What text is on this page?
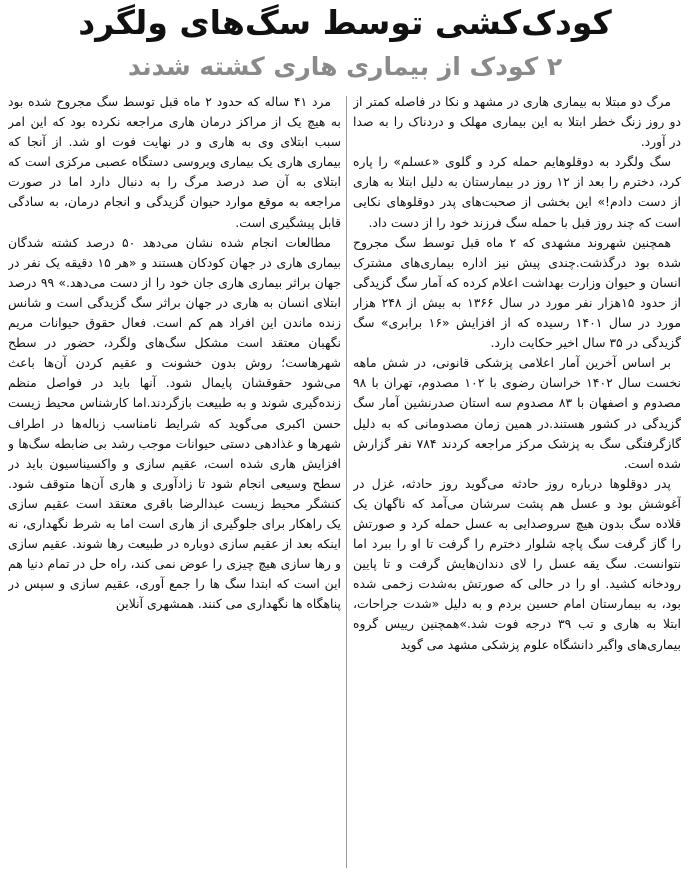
کودک‌کشی توسط سگ‌های ولگرد
۲ کودک از بیماری هاری کشته شدند

مرگ دو مبتلا به بیماری هاری در مشهد و نکا در فاصله کمتر از دو روز زنگ خطر ابتلا به این بیماری مهلک و دردناک را به صدا در آورد.

سگ ولگرد به دوقلوهایم حمله کرد و گلوی «عسلم» را پاره کرد، دخترم را بعد از ۱۲ روز در بیمارستان به دلیل ابتلا به هاری از دست دادم!» این بخشی از صحبت‌های پدر دوقلوهای نکایی است که چند روز قبل با حمله سگ فرزند خود را از دست داد.

همچنین شهروند مشهدی که ۲ ماه قبل توسط سگ مجروح شده بود درگذشت.چندی پیش نیز اداره بیماری‌های مشترک انسان و حیوان وزارت بهداشت اعلام کرده که آمار سگ گزیدگی از حدود ۱۵هزار نفر مورد در سال ۱۳۶۶ به بیش از ۲۴۸ هزار مورد در سال ۱۴۰۱ رسیده که از افزایش «۱۶ برابری» سگ گزیدگی در ۳۵ سال اخیر حکایت دارد.

بر اساس آخرین آمار اعلامی پزشکی قانونی، در شش ماهه نخست سال ۱۴۰۲ خراسان رضوی با ۱۰۲ مصدوم، تهران با ۹۸ مصدوم و اصفهان با ۸۳ مصدوم سه استان صدرنشین آمار سگ گزیدگی در کشور هستند.در همین زمان مصدومانی که به دلیل گازگرفتگی سگ به پزشک مرکز مراجعه کردند ۷۸۴ نفر گزارش شده است.

پدر دوقلوها درباره روز حادثه می‌گوید روز حادثه، غزل در آغوشش بود و عسل هم پشت سرشان می‌آمد که ناگهان یک قلاده سگ بدون هیچ سروصدایی به عسل حمله کرد و صورتش را گاز گرفت سگ پاچه شلوار دخترم را گرفت تا او را ببرد اما نتوانست. سگ یقه عسل را لای دندان‌هایش گرفت و تا پایین رودخانه کشید. او را در حالی که صورتش به‌شدت زخمی شده بود، به بیمارستان امام حسین بردم و به دلیل «شدت جراحات، ابتلا به هاری و تب ۳۹ درجه فوت شد.»همچنین رییس گروه بیماری‌های واگیر دانشگاه علوم پزشکی مشهد می گوید

مرد ۴۱ ساله که حدود ۲ ماه قبل توسط سگ مجروح شده بود به هیچ یک از مراکز درمان هاری مراجعه نکرده بود که این امر سبب ابتلای وی به هاری و در نهایت فوت او شد. از آنجا که بیماری هاری یک بیماری ویروسی دستگاه عصبی مرکزی است که ابتلای به آن صد درصد مرگ را به دنبال دارد اما در صورت مراجعه به موقع موارد حیوان گزیدگی و انجام درمان، به سادگی قابل پیشگیری است.

مطالعات انجام شده نشان می‌دهد ۵۰ درصد کشته شدگان بیماری هاری در جهان کودکان هستند و «هر ۱۵ دقیقه یک نفر در جهان براثر بیماری هاری جان خود را از دست می‌دهد.» ۹۹ درصد ابتلای انسان به هاری در جهان براثر سگ گزیدگی است و شانس زنده ماندن این افراد هم کم است. فعال حقوق حیوانات مریم نگهبان معتقد است مشکل سگ‌های ولگرد، حضور در سطح شهرهاست؛ روش بدون خشونت و عقیم کردن آن‌ها باعث می‌شود حقوقشان پایمال شود. آنها باید در فواصل منظم زنده‌گیری شوند و به طبیعت بازگردند.اما کارشناس محیط زیست حسن اکبری می‌گوید که شرایط نامناسب زباله‌ها در اطراف شهرها و غذادهی دستی حیوانات موجب رشد بی ضابطه سگ‌ها و افزایش هاری شده است، عقیم سازی و واکسیناسیون باید در سطح وسیعی انجام شود تا زادآوری و هاری آن‌ها متوقف شود. کنشگر محیط زیست عبدالرضا باقری معتقد است عقیم سازی یک راهکار برای جلوگیری از هاری است اما به شرط نگهداری، نه اینکه بعد از عقیم سازی دوباره در طبیعت رها شوند. عقیم سازی و رها سازی هیچ چیزی را عوض نمی کند، راه حل در تمام دنیا هم این است که ابتدا سگ ها را جمع آوری، عقیم سازی و سپس در پناهگاه ها نگهداری می کنند. همشهری آنلاین
